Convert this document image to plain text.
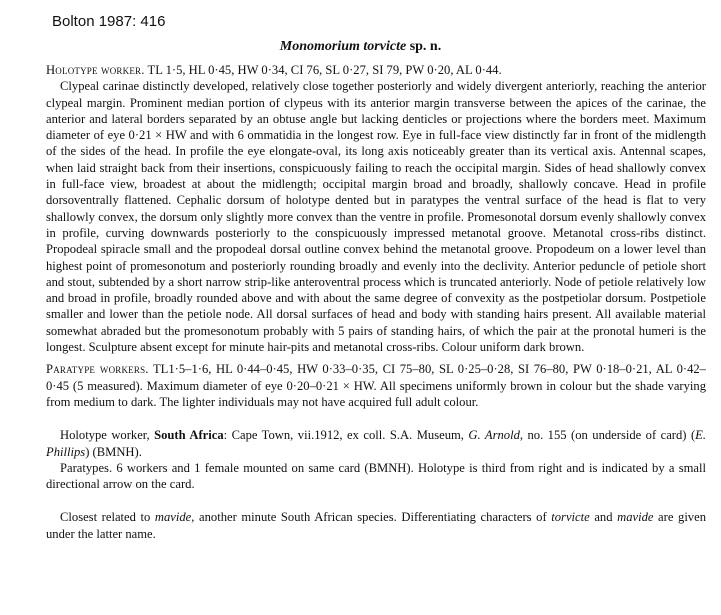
Bolton 1987: 416
Monomorium torvicte sp. n.

Holotype worker. TL 1·5, HL 0·45, HW 0·34, CI 76, SL 0·27, SI 79, PW 0·20, AL 0·44.

Clypeal carinae distinctly developed, relatively close together posteriorly and widely divergent anteriorly, reaching the anterior clypeal margin. Prominent median portion of clypeus with its anterior margin transverse between the apices of the carinae, the anterior and lateral borders separated by an obtuse angle but lacking denticles or projections where the borders meet. Maximum diameter of eye 0·21 × HW and with 6 ommatidia in the longest row. Eye in full-face view distinctly far in front of the midlength of the sides of the head. In profile the eye elongate-oval, its long axis noticeably greater than its vertical axis. Antennal scapes, when laid straight back from their insertions, conspicuously failing to reach the occipital margin. Sides of head shallowly convex in full-face view, broadest at about the midlength; occipital margin broad and broadly, shallowly concave. Head in profile dorsoventrally flattened. Cephalic dorsum of holotype dented but in paratypes the ventral surface of the head is flat to very shallowly convex, the dorsum only slightly more convex than the ventre in profile. Promesonotal dorsum evenly shallowly convex in profile, curving downwards posteriorly to the conspicuously impressed metanotal groove. Metanotal cross-ribs distinct. Propodeal spiracle small and the propodeal dorsal outline convex behind the metanotal groove. Propodeum on a lower level than highest point of promesonotum and posteriorly rounding broadly and evenly into the declivity. Anterior peduncle of petiole short and stout, subtended by a short narrow strip-like anteroventral process which is truncated anteriorly. Node of petiole relatively low and broad in profile, broadly rounded above and with about the same degree of convexity as the postpetiolar dorsum. Postpetiole smaller and lower than the petiole node. All dorsal surfaces of head and body with standing hairs present. All available material somewhat abraded but the promesonotum probably with 5 pairs of standing hairs, of which the pair at the pronotal humeri is the longest. Sculpture absent except for minute hair-pits and metanotal cross-ribs. Colour uniform dark brown.

Paratype workers. TL1·5–1·6, HL 0·44–0·45, HW 0·33–0·35, CI 75–80, SL 0·25–0·28, SI 76–80, PW 0·18–0·21, AL 0·42–0·45 (5 measured). Maximum diameter of eye 0·20–0·21 × HW. All specimens uniformly brown in colour but the shade varying from medium to dark. The lighter individuals may not have acquired full adult colour.

Holotype worker, South Africa: Cape Town, vii.1912, ex coll. S.A. Museum, G. Arnold, no. 155 (on underside of card) (E. Phillips) (BMNH).

Paratypes. 6 workers and 1 female mounted on same card (BMNH). Holotype is third from right and is indicated by a small directional arrow on the card.

Closest related to mavide, another minute South African species. Differentiating characters of torvicte and mavide are given under the latter name.
